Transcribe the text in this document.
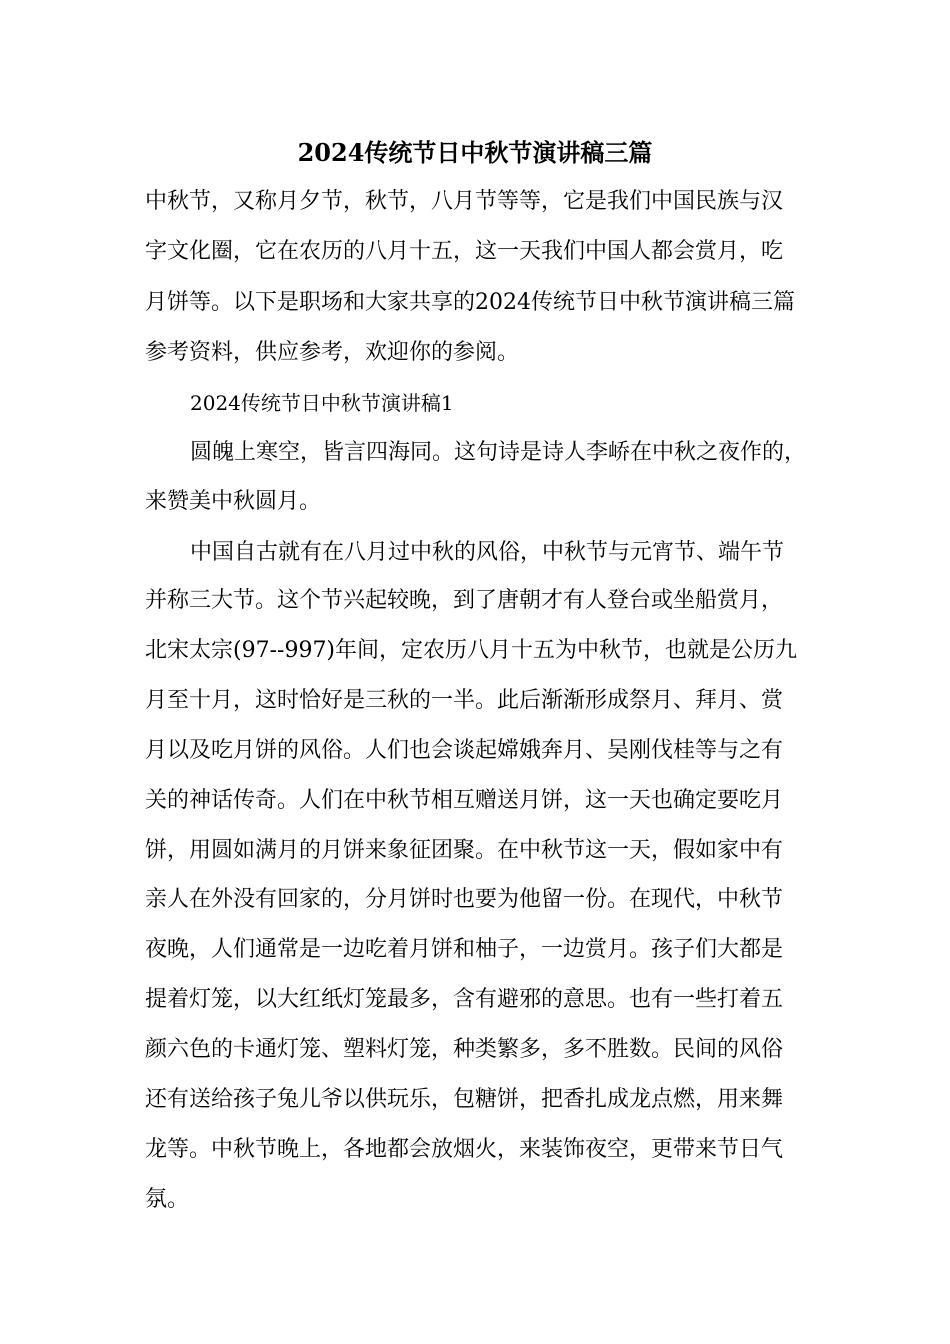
2024传统节日中秋节演讲稿三篇
中秋节，又称月夕节，秋节，八月节等等，它是我们中国民族与汉
字文化圈，它在农历的八月十五，这一天我们中国人都会赏月，吃
月饼等。以下是职场和大家共享的2024传统节日中秋节演讲稿三篇
参考资料，供应参考，欢迎你的参阅。
2024传统节日中秋节演讲稿1
圆魄上寒空，皆言四海同。这句诗是诗人李峤在中秋之夜作的，
来赞美中秋圆月。
中国自古就有在八月过中秋的风俗，中秋节与元宵节、端午节
并称三大节。这个节兴起较晚，到了唐朝才有人登台或坐船赏月，
北宋太宗(97--997)年间，定农历八月十五为中秋节，也就是公历九
月至十月，这时恰好是三秋的一半。此后渐渐形成祭月、拜月、赏
月以及吃月饼的风俗。人们也会谈起嫦娥奔月、吴刚伐桂等与之有
关的神话传奇。人们在中秋节相互赠送月饼，这一天也确定要吃月
饼，用圆如满月的月饼来象征团聚。在中秋节这一天，假如家中有
亲人在外没有回家的，分月饼时也要为他留一份。在现代，中秋节
夜晚，人们通常是一边吃着月饼和柚子，一边赏月。孩子们大都是
提着灯笼，以大红纸灯笼最多，含有避邪的意思。也有一些打着五
颜六色的卡通灯笼、塑料灯笼，种类繁多，多不胜数。民间的风俗
还有送给孩子兔儿爷以供玩乐，包糖饼，把香扎成龙点燃，用来舞
龙等。中秋节晚上，各地都会放烟火，来装饰夜空，更带来节日气
氛。
